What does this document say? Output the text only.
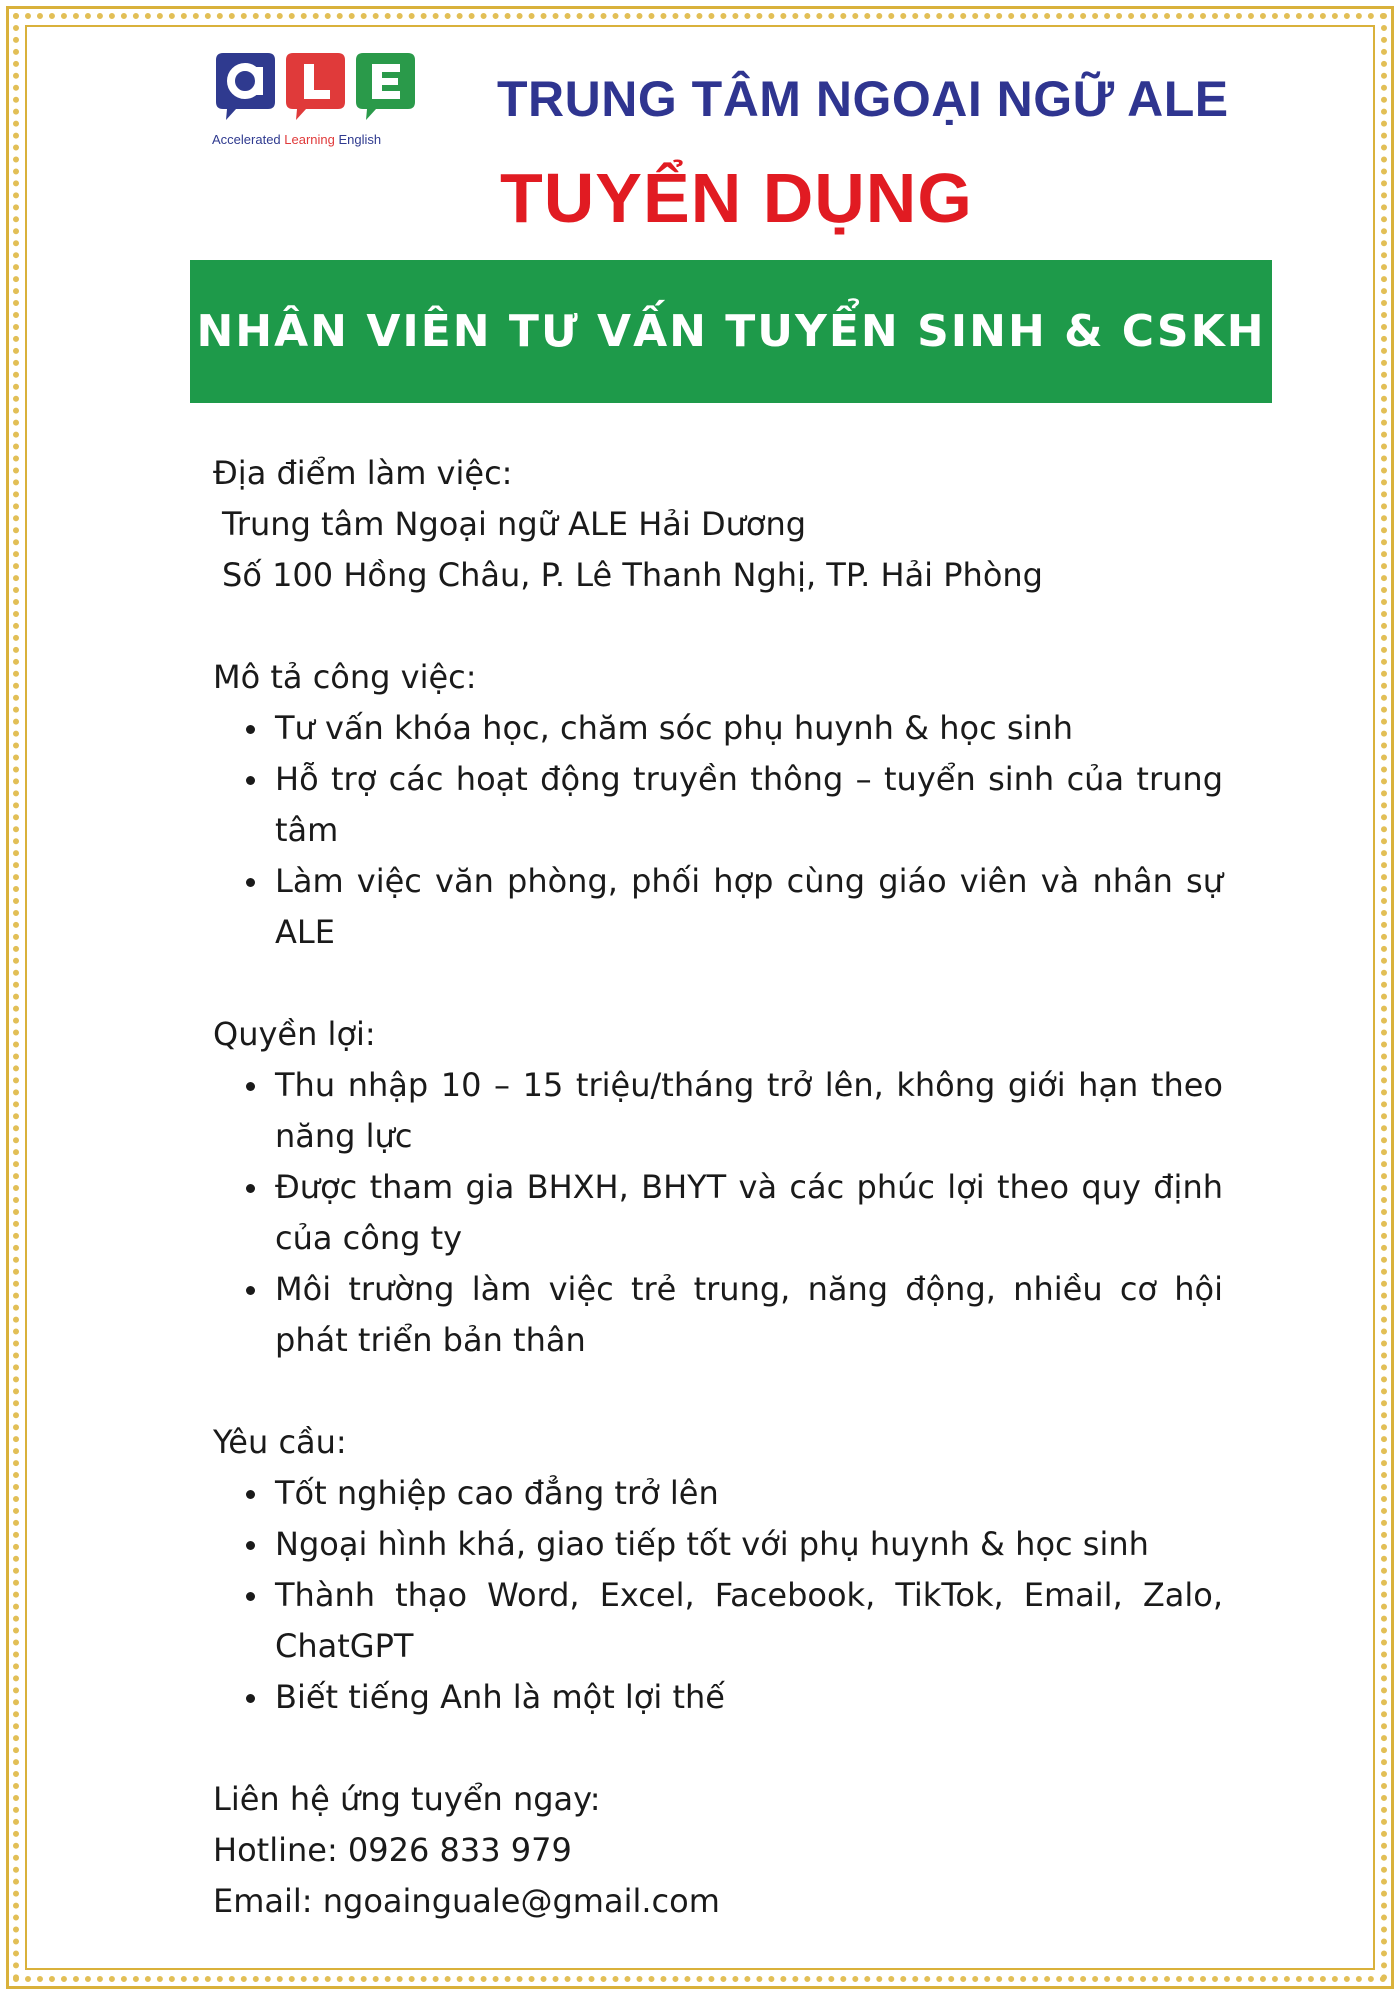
Accelerated Learning English
TRUNG TÂM NGOẠI NGỮ ALE
TUYỂN DỤNG
NHÂN VIÊN TƯ VẤN TUYỂN SINH & CSKH
Địa điểm làm việc:
Trung tâm Ngoại ngữ ALE Hải Dương
Số 100 Hồng Châu, P. Lê Thanh Nghị, TP. Hải Phòng
Mô tả công việc:
Tư vấn khóa học, chăm sóc phụ huynh & học sinh
Hỗ trợ các hoạt động truyền thông – tuyển sinh của trung tâm
Làm việc văn phòng, phối hợp cùng giáo viên và nhân sự ALE
Quyền lợi:
Thu nhập 10 – 15 triệu/tháng trở lên, không giới hạn theo năng lực
Được tham gia BHXH, BHYT và các phúc lợi theo quy định của công ty
Môi trường làm việc trẻ trung, năng động, nhiều cơ hội phát triển bản thân
Yêu cầu:
Tốt nghiệp cao đẳng trở lên
Ngoại hình khá, giao tiếp tốt với phụ huynh & học sinh
Thành thạo Word, Excel, Facebook, TikTok, Email, Zalo, ChatGPT
Biết tiếng Anh là một lợi thế
Liên hệ ứng tuyển ngay:
Hotline: 0926 833 979
Email: ngoainguale@gmail.com
